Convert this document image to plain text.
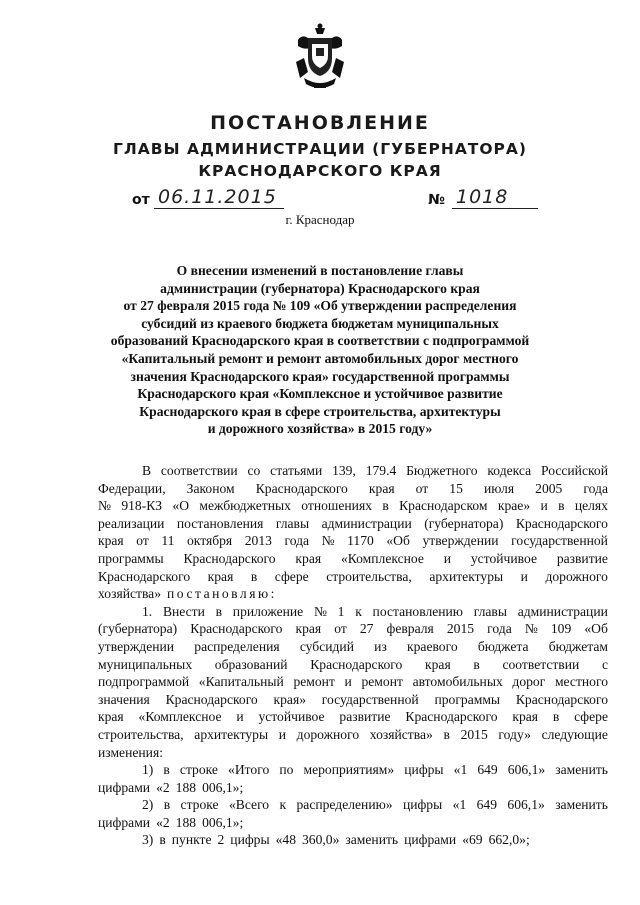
ПОСТАНОВЛЕНИЕ
ГЛАВЫ АДМИНИСТРАЦИИ (ГУБЕРНАТОРА)
КРАСНОДАРСКОГО КРАЯ
от 06.11.2015	№ 1018
г. Краснодар
О внесении изменений в постановление главы
администрации (губернатора) Краснодарского края
от 27 февраля 2015 года № 109 «Об утверждении распределения
субсидий из краевого бюджета бюджетам муниципальных
образований Краснодарского края в соответствии с подпрограммой
«Капитальный ремонт и ремонт автомобильных дорог местного
значения Краснодарского края» государственной программы
Краснодарского края «Комплексное и устойчивое развитие
Краснодарского края в сфере строительства, архитектуры
и дорожного хозяйства» в 2015 году»
В соответствии со статьями 139, 179.4 Бюджетного кодекса Российской
Федерации, Законом Краснодарского края от 15 июля 2005 года
№ 918-КЗ «О межбюджетных отношениях в Краснодарском крае» и в целях
реализации постановления главы администрации (губернатора) Краснодарского
края от 11 октября 2013 года № 1170 «Об утверждении государственной
программы Краснодарского края «Комплексное и устойчивое развитие
Краснодарского края в сфере строительства, архитектуры и дорожного
хозяйства» постановляю:
1. Внести в приложение № 1 к постановлению главы администрации
(губернатора) Краснодарского края от 27 февраля 2015 года № 109 «Об
утверждении распределения субсидий из краевого бюджета бюджетам
муниципальных образований Краснодарского края в соответствии с
подпрограммой «Капитальный ремонт и ремонт автомобильных дорог местного
значения Краснодарского края» государственной программы Краснодарского
края «Комплексное и устойчивое развитие Краснодарского края в сфере
строительства, архитектуры и дорожного хозяйства» в 2015 году» следующие
изменения:
1) в строке «Итого по мероприятиям» цифры «1 649 606,1» заменить
цифрами «2 188 006,1»;
2) в строке «Всего к распределению» цифры «1 649 606,1» заменить
цифрами «2 188 006,1»;
3) в пункте 2 цифры «48 360,0» заменить цифрами «69 662,0»;
